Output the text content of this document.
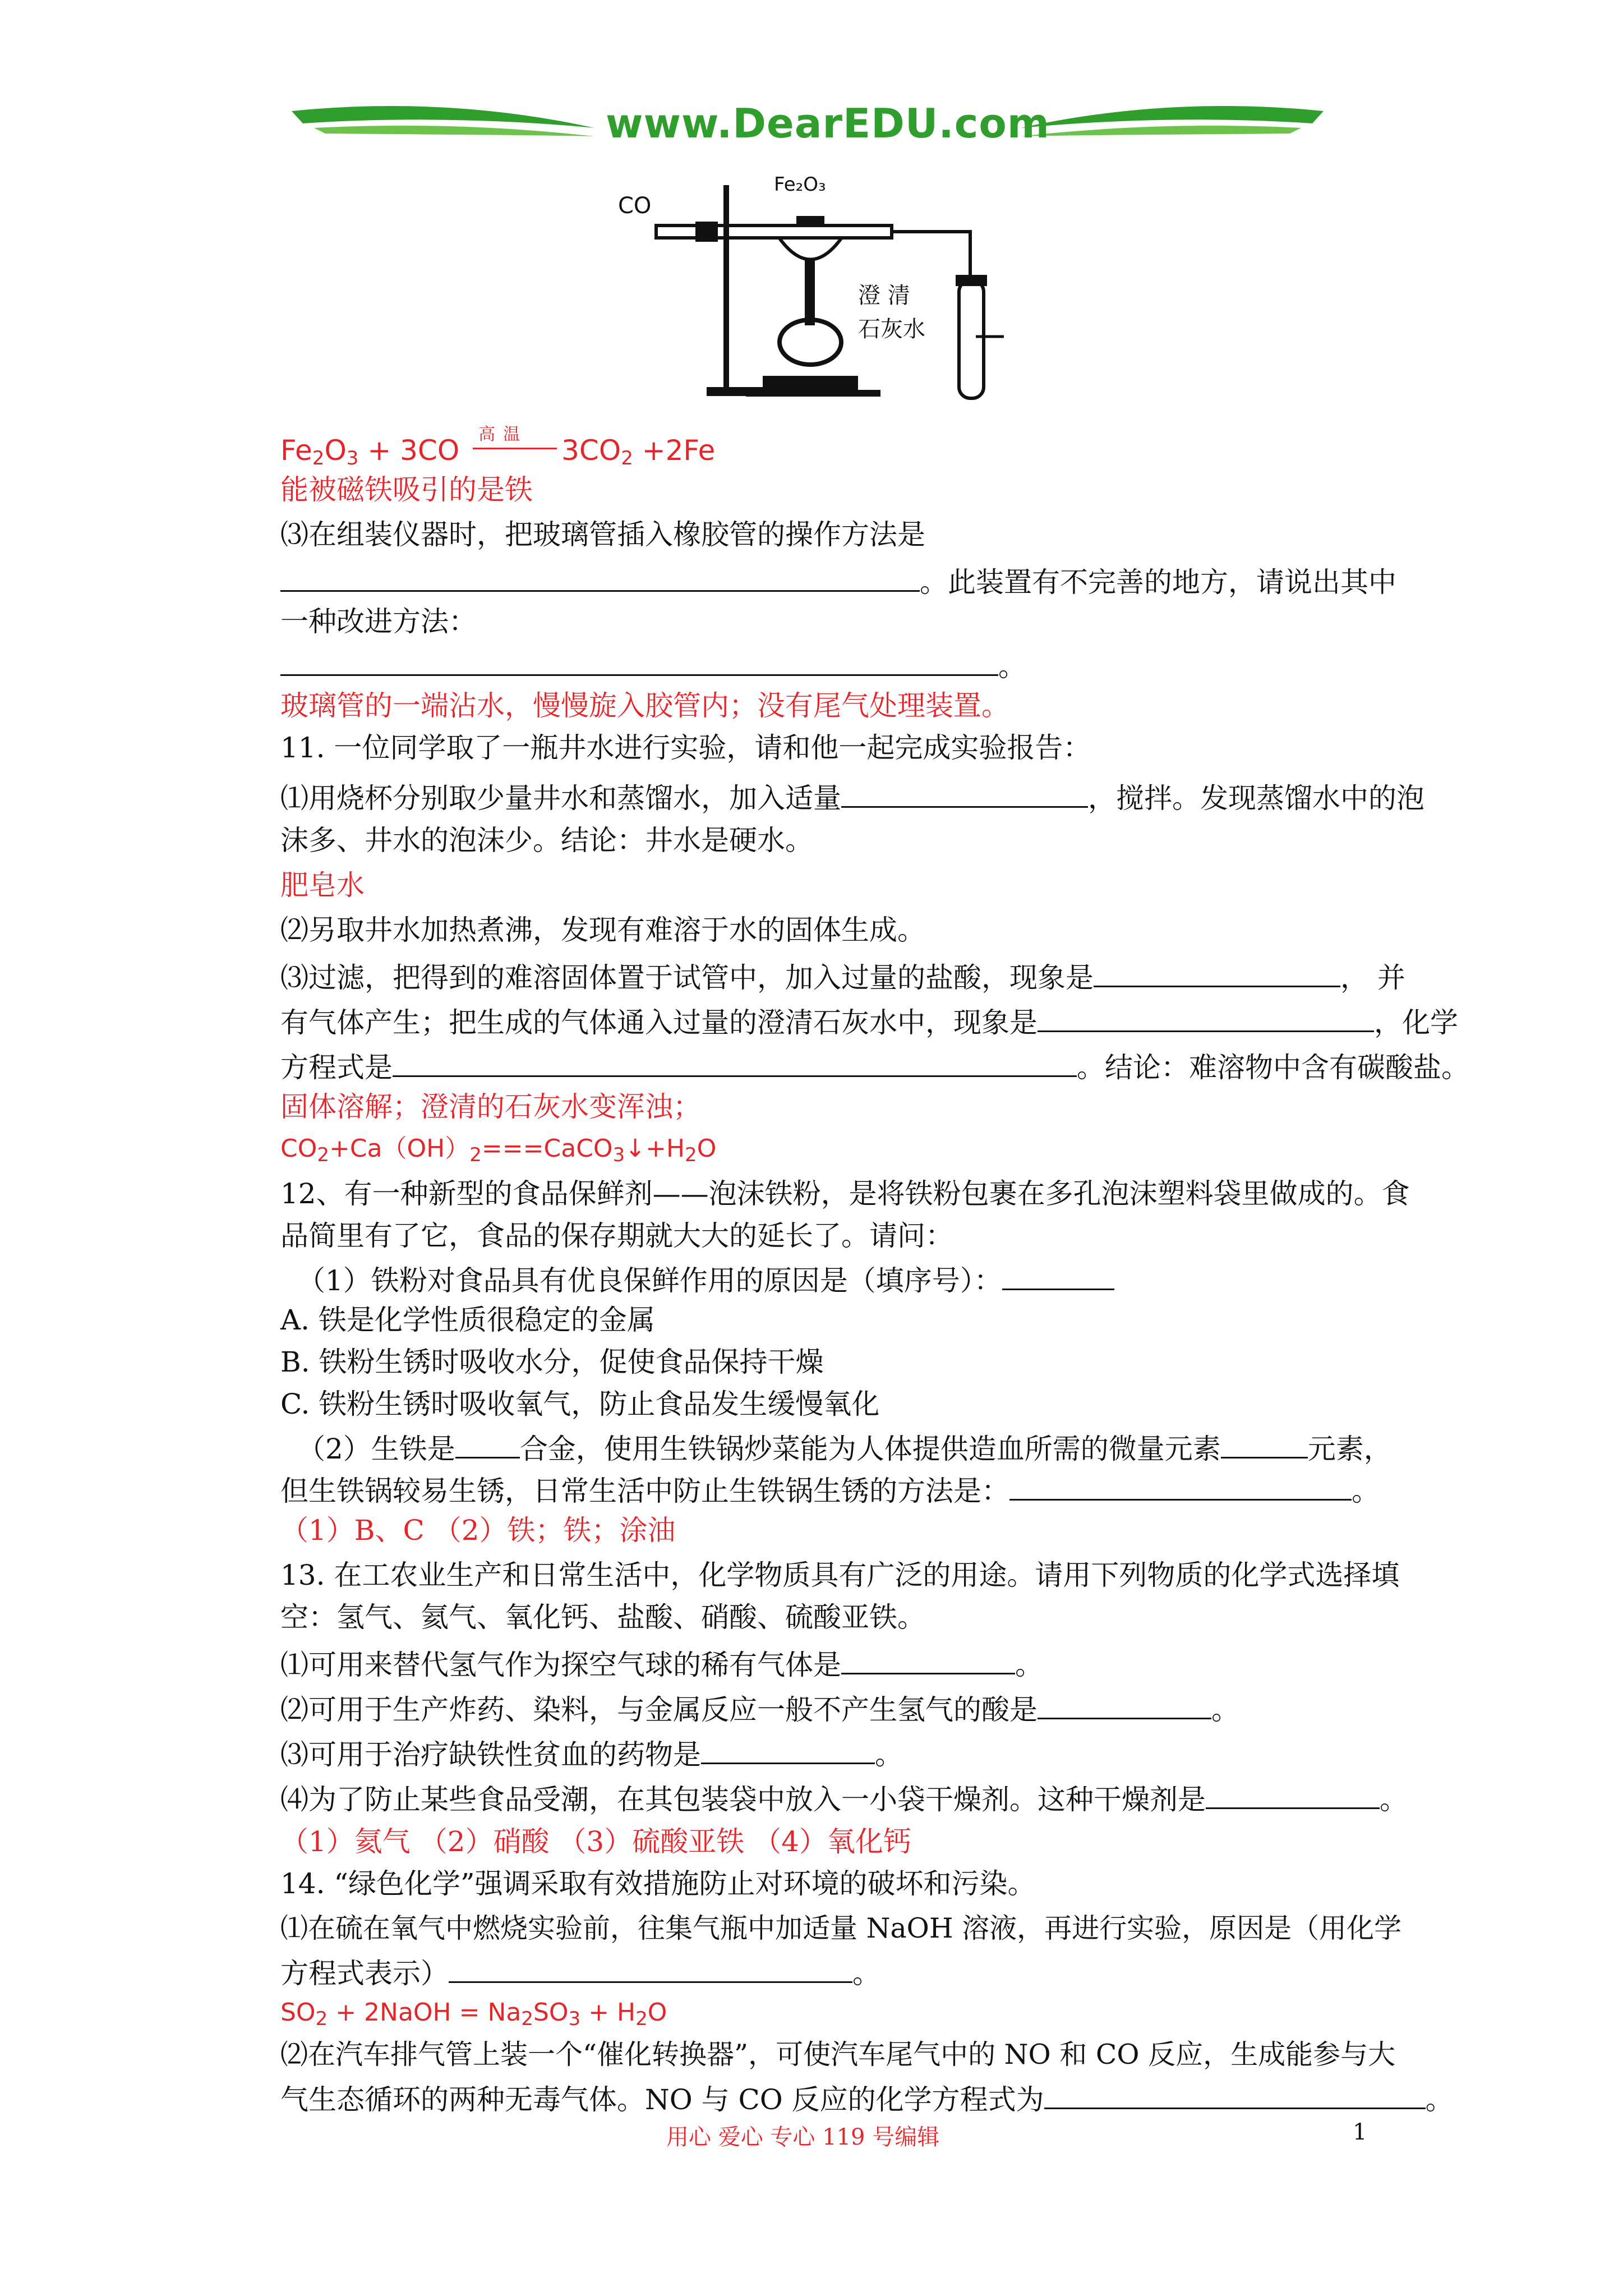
www.DearEDU.com
CO
Fe₂O₃
澄 清
石灰水
$Fe_2O_3 + 3CO$ 高温 $3CO_2 +2Fe$
能被磁铁吸引的是铁
⑶在组装仪器时，把玻璃管插入橡胶管的操作方法是
。此装置有不完善的地方，请说出其中
一种改进方法：
。
玻璃管的一端沾水，慢慢旋入胶管内；没有尾气处理装置。
11. 一位同学取了一瓶井水进行实验，请和他一起完成实验报告：
⑴用烧杯分别取少量井水和蒸馏水，加入适量	，搅拌。发现蒸馏水中的泡
沫多、井水的泡沫少。结论：井水是硬水。
肥皂水
⑵另取井水加热煮沸，发现有难溶于水的固体生成。
⑶过滤，把得到的难溶固体置于试管中，加入过量的盐酸，现象是	， 并
有气体产生；把生成的气体通入过量的澄清石灰水中，现象是	，化学
方程式是	。结论：难溶物中含有碳酸盐。
固体溶解；澄清的石灰水变浑浊；
$CO_2+Ca(OH)_2===CaCO_3↓+H_2O$
12、有一种新型的食品保鲜剂——泡沫铁粉，是将铁粉包裹在多孔泡沫塑料袋里做成的。食
品简里有了它，食品的保存期就大大的延长了。请问：
（1）铁粉对食品具有优良保鲜作用的原因是（填序号）：
A. 铁是化学性质很稳定的金属
B. 铁粉生锈时吸收水分，促使食品保持干燥
C. 铁粉生锈时吸收氧气，防止食品发生缓慢氧化
（2）生铁是 合金，使用生铁锅炒菜能为人体提供造血所需的微量元素	元素，
但生铁锅较易生锈，日常生活中防止生铁锅生锈的方法是：	。
（1）B、C （2）铁；铁；涂油
13. 在工农业生产和日常生活中，化学物质具有广泛的用途。请用下列物质的化学式选择填
空：氢气、氦气、氧化钙、盐酸、硝酸、硫酸亚铁。
⑴可用来替代氢气作为探空气球的稀有气体是	。
⑵可用于生产炸药、染料，与金属反应一般不产生氢气的酸是	。
⑶可用于治疗缺铁性贫血的药物是	。
⑷为了防止某些食品受潮，在其包装袋中放入一小袋干燥剂。这种干燥剂是	。
（1）氦气 （2）硝酸 （3）硫酸亚铁 （4）氧化钙
14. “绿色化学”强调采取有效措施防止对环境的破坏和污染。
⑴在硫在氧气中燃烧实验前，往集气瓶中加适量 NaOH 溶液，再进行实验，原因是（用化学
方程式表示）	。
$SO_2$ + 2NaOH = $Na_2SO_3 + H_2O$
⑵在汽车排气管上装一个“催化转换器”，可使汽车尾气中的 NO 和 CO 反应，生成能参与大
气生态循环的两种无毒气体。NO 与 CO 反应的化学方程式为	。
用心 爱心 专心 119 号编辑	1
